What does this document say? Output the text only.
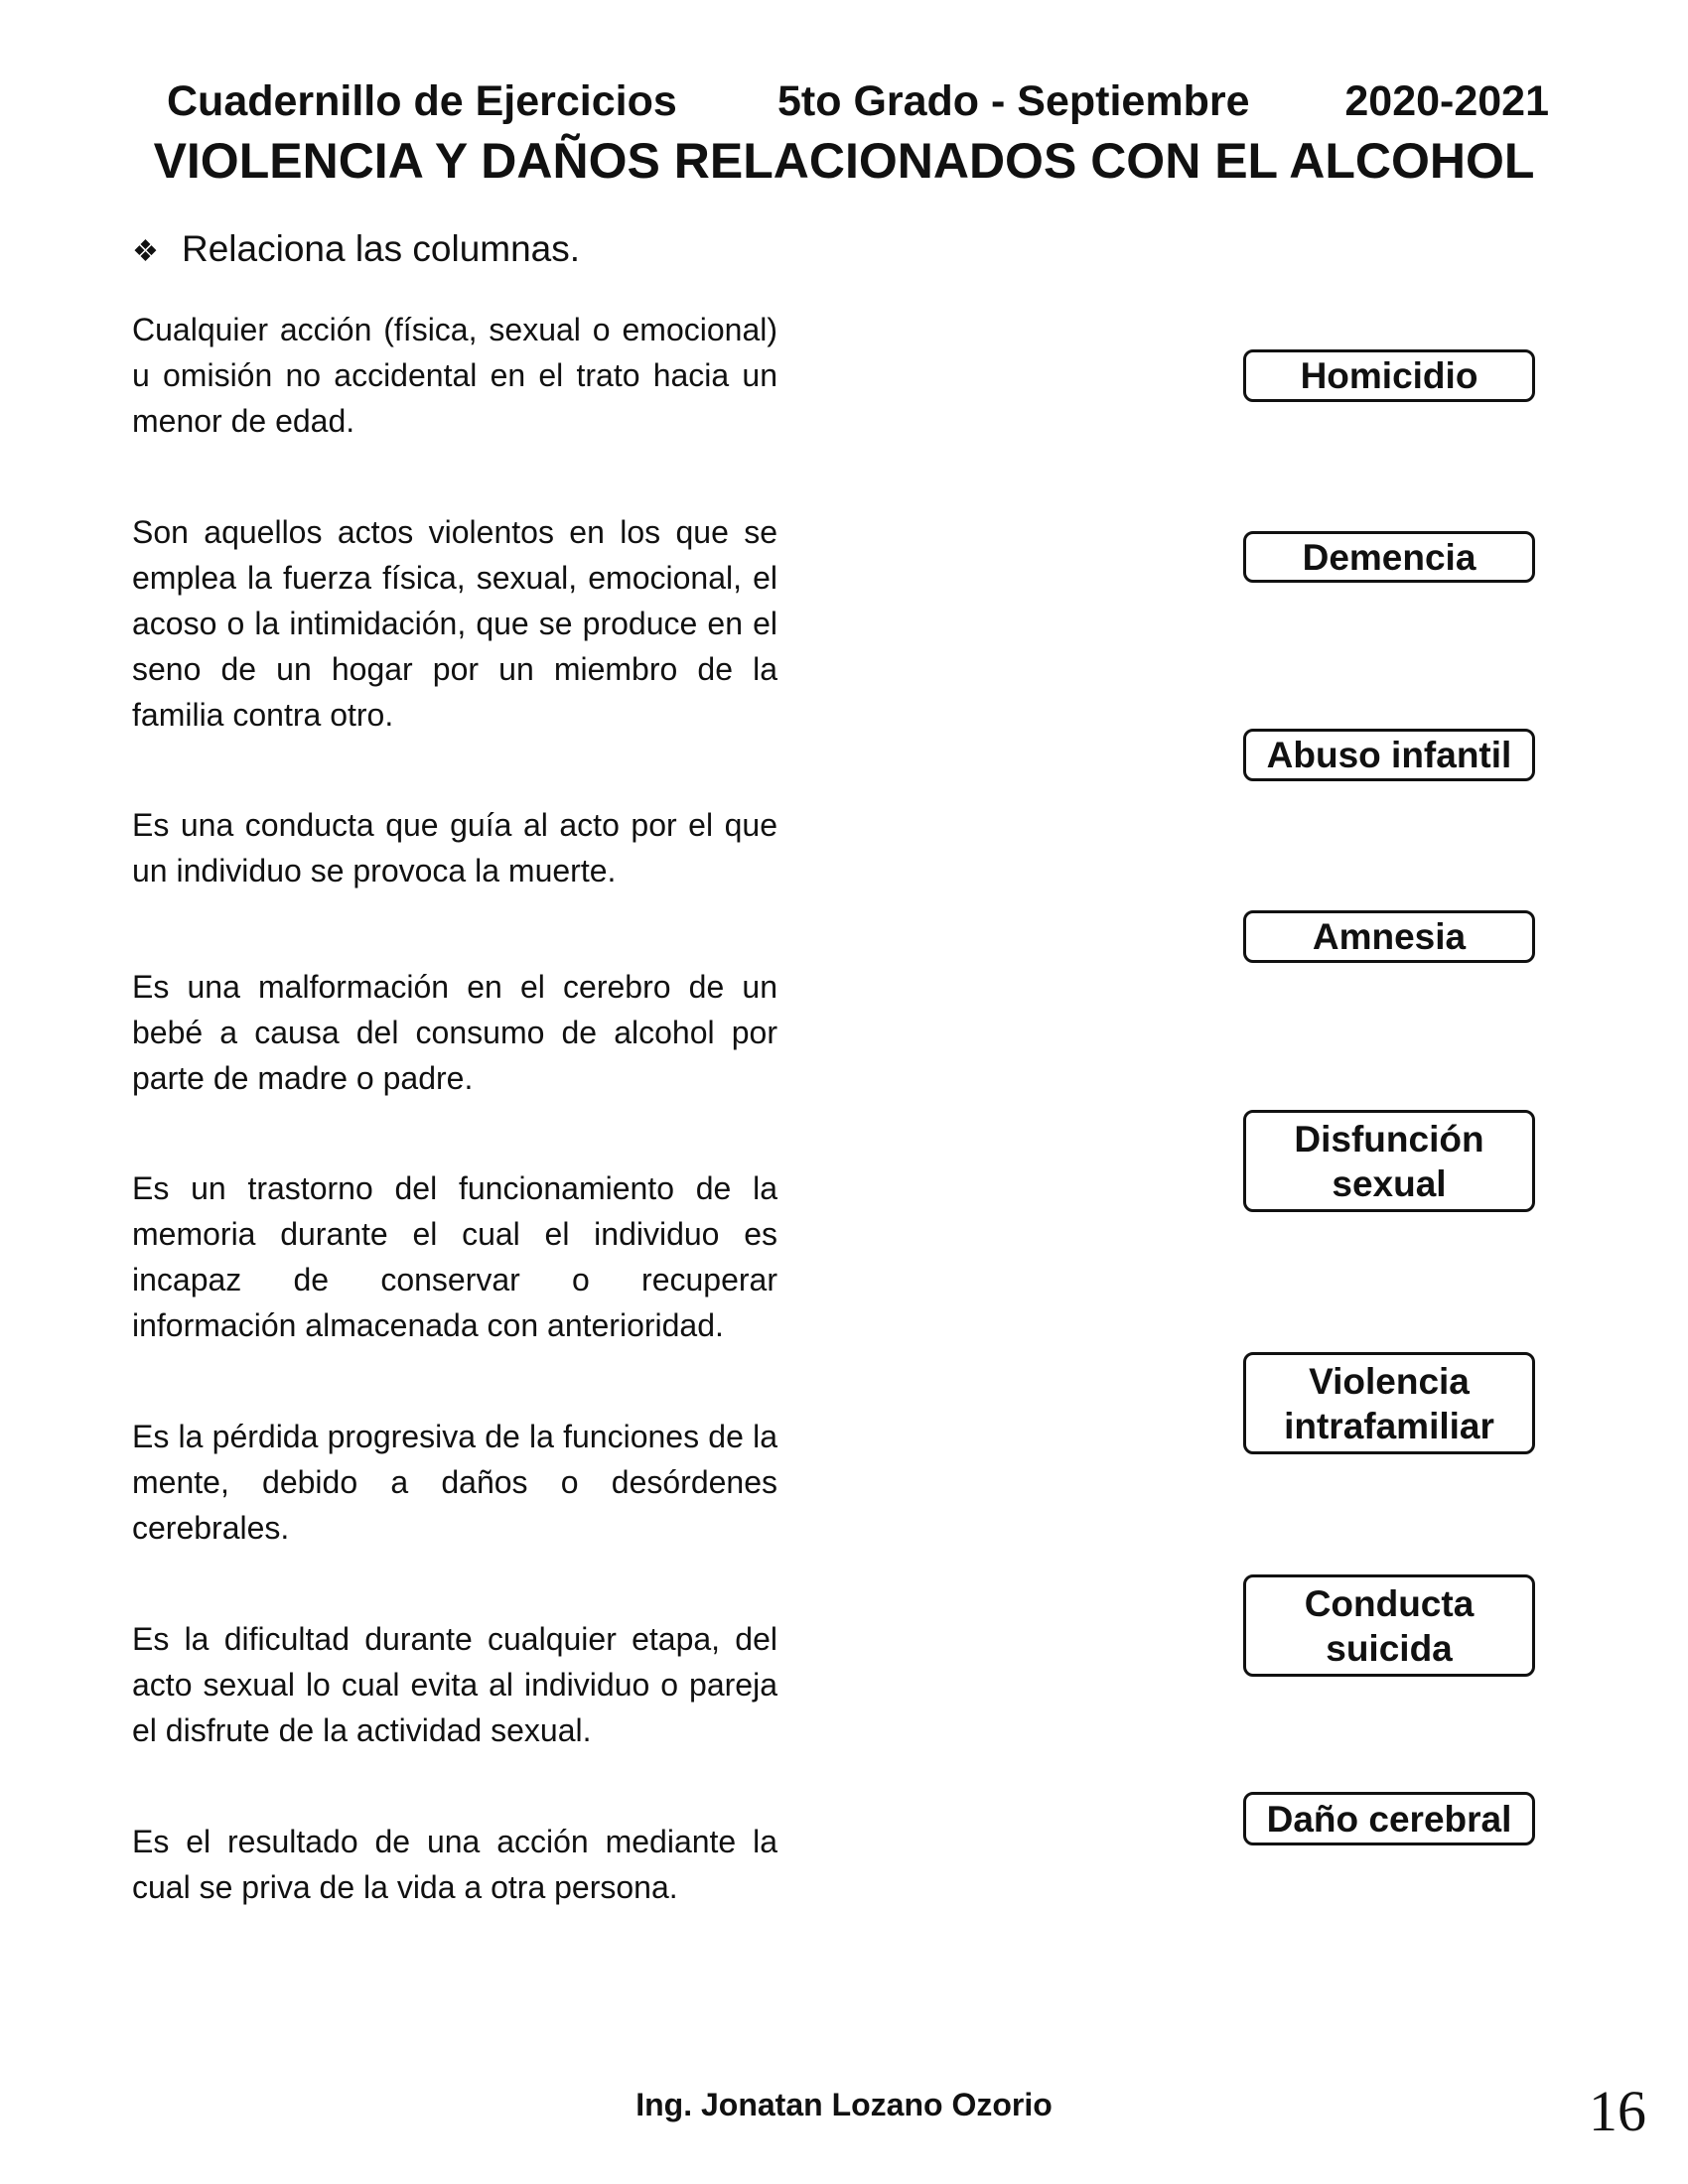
Cuadernillo de Ejercicios 5to Grado - Septiembre 2020-2021
VIOLENCIA Y DAÑOS RELACIONADOS CON EL ALCOHOL
❖ Relaciona las columnas.
Cualquier acción (física, sexual o emocional) u omisión no accidental en el trato hacia un menor de edad.
Son aquellos actos violentos en los que se emplea la fuerza física, sexual, emocional, el acoso o la intimidación, que se produce en el seno de un hogar por un miembro de la familia contra otro.
Es una conducta que guía al acto por el que un individuo se provoca la muerte.
Es una malformación en el cerebro de un bebé a causa del consumo de alcohol por parte de madre o padre.
Es un trastorno del funcionamiento de la memoria durante el cual el individuo es incapaz de conservar o recuperar información almacenada con anterioridad.
Es la pérdida progresiva de la funciones de la mente, debido a daños o desórdenes cerebrales.
Es la dificultad durante cualquier etapa, del acto sexual lo cual evita al individuo o pareja el disfrute de la actividad sexual.
Es el resultado de una acción mediante la cual se priva de la vida a otra persona.
Homicidio
Demencia
Abuso infantil
Amnesia
Disfunción sexual
Violencia intrafamiliar
Conducta suicida
Daño cerebral
Ing. Jonatan Lozano Ozorio	16
